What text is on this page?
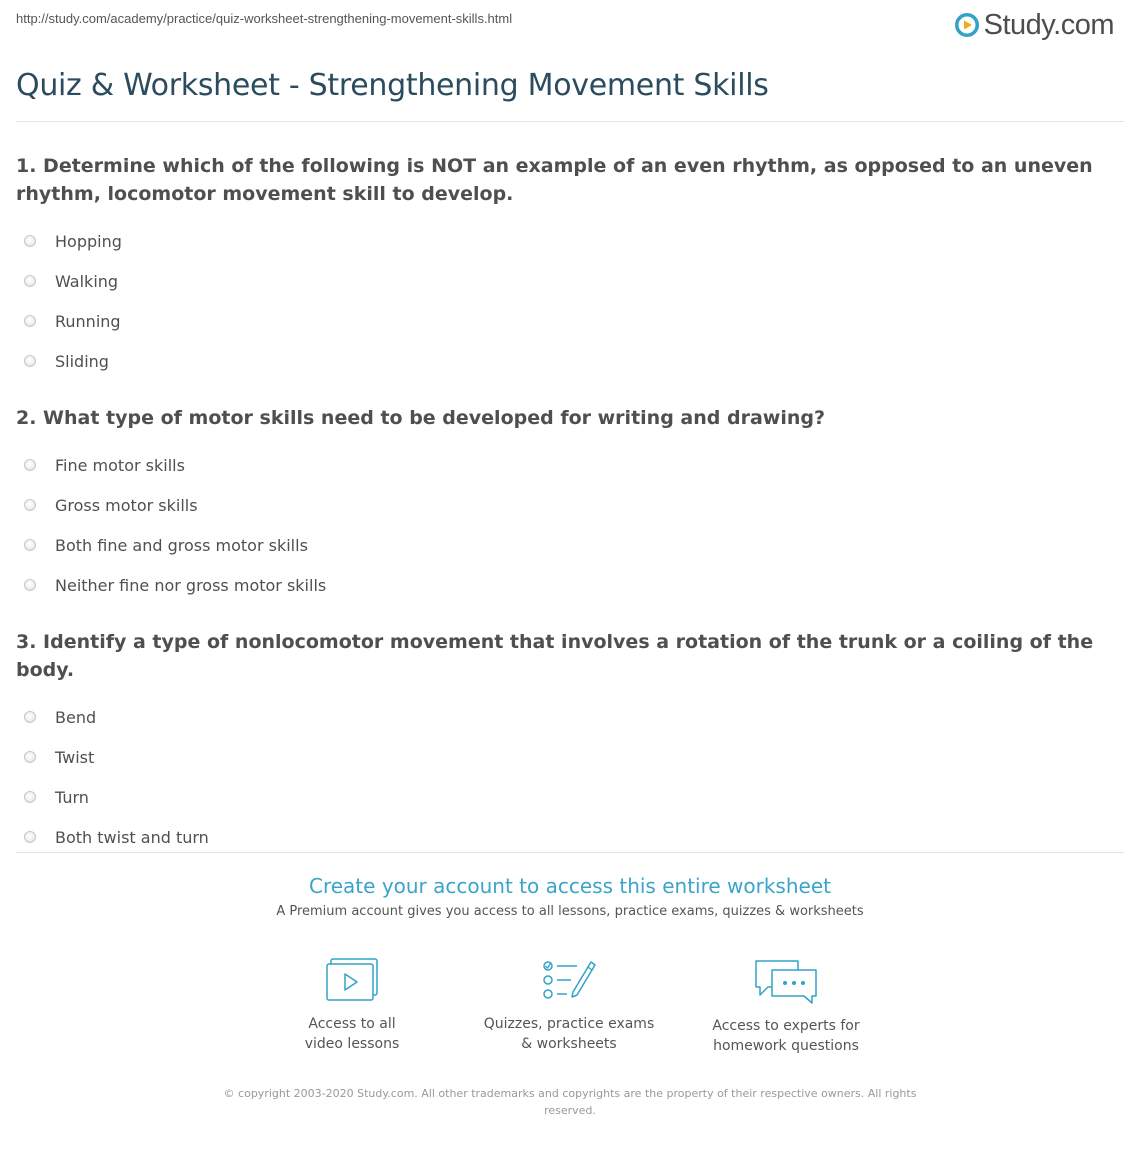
http://study.com/academy/practice/quiz-worksheet-strengthening-movement-skills.html	Study.com
Quiz & Worksheet - Strengthening Movement Skills

1. Determine which of the following is NOT an example of an even rhythm, as opposed to an uneven rhythm, locomotor movement skill to develop.

Hopping
Walking
Running
Sliding

2. What type of motor skills need to be developed for writing and drawing?

Fine motor skills
Gross motor skills
Both fine and gross motor skills
Neither fine nor gross motor skills

3. Identify a type of nonlocomotor movement that involves a rotation of the trunk or a coiling of the body.

Bend
Twist
Turn
Both twist and turn
Create your account to access this entire worksheet
A Premium account gives you access to all lessons, practice exams, quizzes & worksheets
Access to all
video lessons
Quizzes, practice exams
& worksheets
Access to experts for
homework questions
© copyright 2003-2020 Study.com. All other trademarks and copyrights are the property of their respective owners. All rights reserved.
